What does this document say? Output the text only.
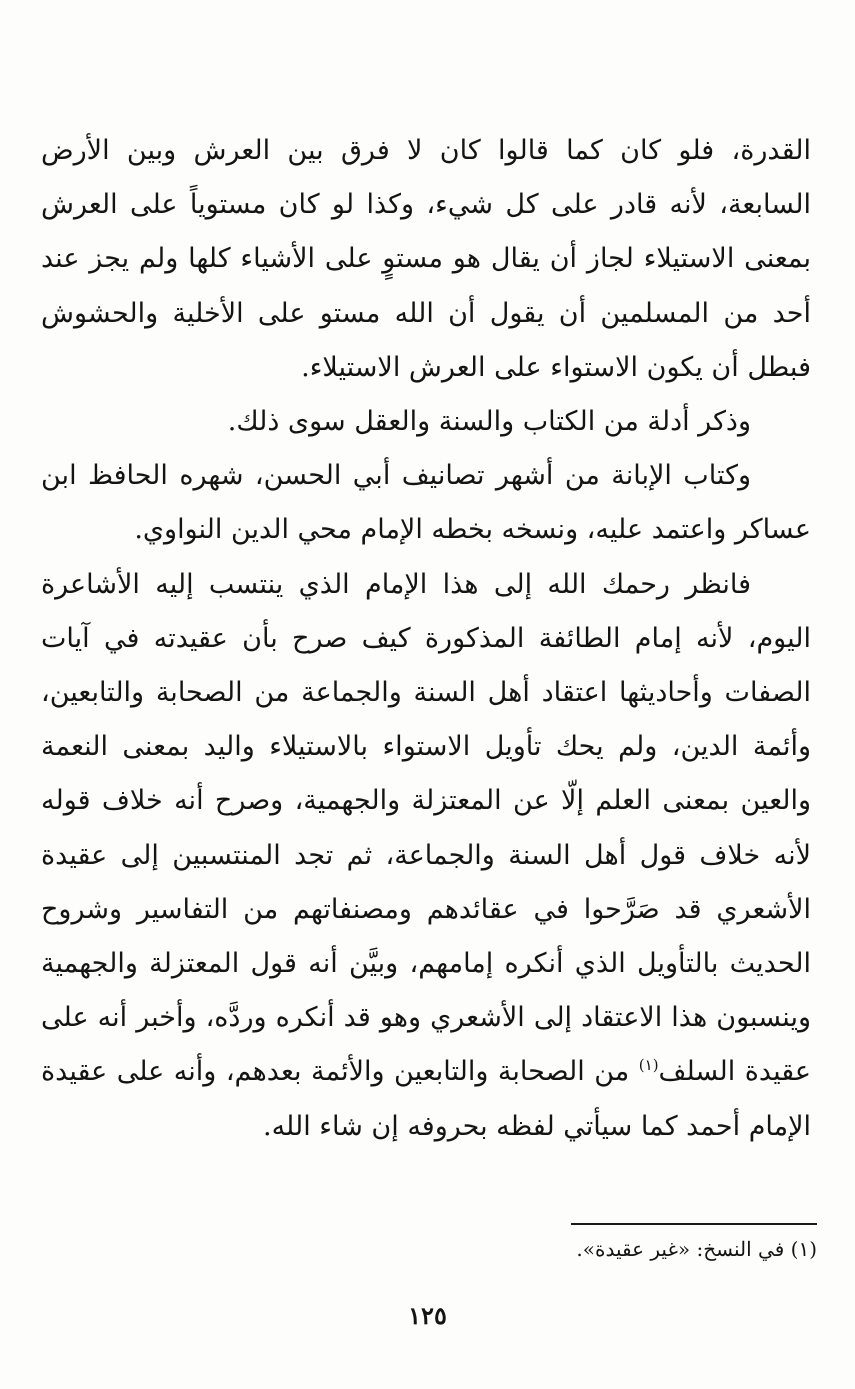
القدرة، فلو كان كما قالوا كان لا فرق بين العرش وبين الأرض السابعة، لأنه قادر على كل شيء، وكذا لو كان مستوياً على العرش بمعنى الاستيلاء لجاز أن يقال هو مستوٍ على الأشياء كلها ولم يجز عند أحد من المسلمين أن يقول أن الله مستو على الأخلية والحشوش فبطل أن يكون الاستواء على العرش الاستيلاء.

وذكر أدلة من الكتاب والسنة والعقل سوى ذلك.

وكتاب الإبانة من أشهر تصانيف أبي الحسن، شهره الحافظ ابن عساكر واعتمد عليه، ونسخه بخطه الإمام محي الدين النواوي.

فانظر رحمك الله إلى هذا الإمام الذي ينتسب إليه الأشاعرة اليوم، لأنه إمام الطائفة المذكورة كيف صرح بأن عقيدته في آيات الصفات وأحاديثها اعتقاد أهل السنة والجماعة من الصحابة والتابعين، وأئمة الدين، ولم يحك تأويل الاستواء بالاستيلاء واليد بمعنى النعمة والعين بمعنى العلم إلّا عن المعتزلة والجهمية، وصرح أنه خلاف قوله لأنه خلاف قول أهل السنة والجماعة، ثم تجد المنتسبين إلى عقيدة الأشعري قد صَرَّحوا في عقائدهم ومصنفاتهم من التفاسير وشروح الحديث بالتأويل الذي أنكره إمامهم، وبيَّن أنه قول المعتزلة والجهمية وينسبون هذا الاعتقاد إلى الأشعري وهو قد أنكره وردَّه، وأخبر أنه على عقيدة السلف$^{(١)}$ من الصحابة والتابعين والأئمة بعدهم، وأنه على عقيدة الإمام أحمد كما سيأتي لفظه بحروفه إن شاء الله.

(١) في النسخ: «غير عقيدة».
١٢٥
